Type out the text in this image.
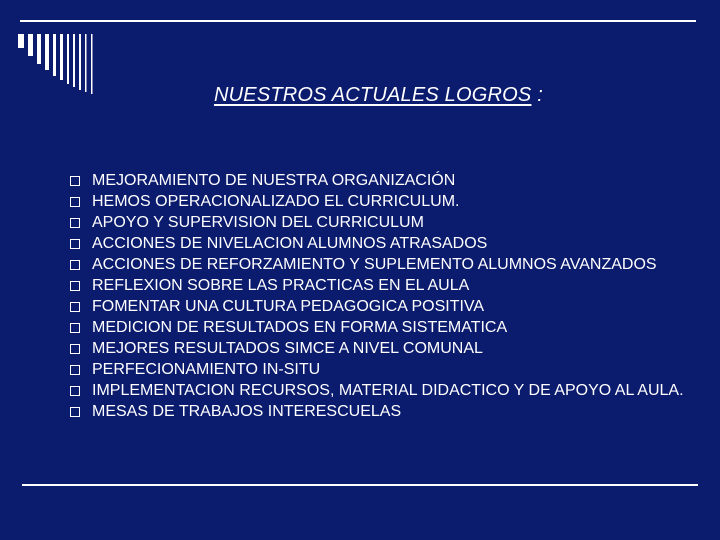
NUESTROS ACTUALES LOGROS :
MEJORAMIENTO DE NUESTRA ORGANIZACIÓN
HEMOS OPERACIONALIZADO EL CURRICULUM.
APOYO Y SUPERVISION DEL CURRICULUM
ACCIONES DE NIVELACION ALUMNOS ATRASADOS
ACCIONES DE REFORZAMIENTO Y SUPLEMENTO ALUMNOS AVANZADOS
REFLEXION SOBRE LAS PRACTICAS EN EL AULA
FOMENTAR UNA CULTURA PEDAGOGICA POSITIVA
MEDICION DE RESULTADOS EN FORMA SISTEMATICA
MEJORES RESULTADOS SIMCE A NIVEL COMUNAL
PERFECIONAMIENTO IN-SITU
IMPLEMENTACION RECURSOS, MATERIAL DIDACTICO Y DE APOYO AL AULA.
MESAS DE TRABAJOS INTERESCUELAS
